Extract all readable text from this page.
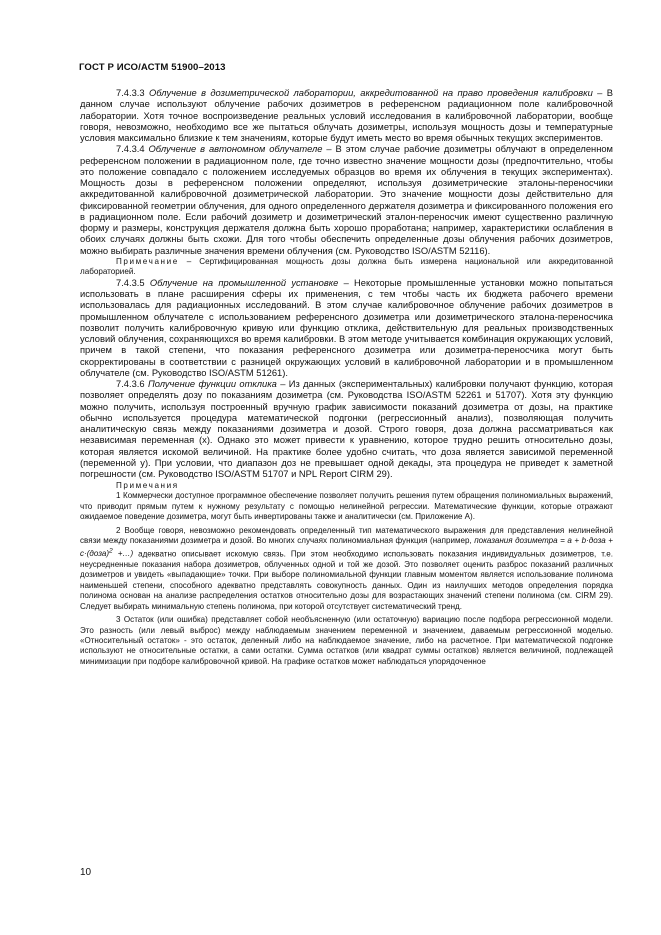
ГОСТ Р ИСО/АСТМ 51900–2013

7.4.3.3 Облучение в дозиметрической лаборатории, аккредитованной на право проведения калибровки – В данном случае используют облучение рабочих дозиметров в референсном радиационном поле калибровочной лаборатории. Хотя точное воспроизведение реальных условий исследования в калибровочной лаборатории, вообще говоря, невозможно, необходимо все же пытаться облучать дозиметры, используя мощность дозы и температурные условия максимально близкие к тем значениям, которые будут иметь место во время обычных текущих экспериментов.

7.4.3.4 Облучение в автономном облучателе – В этом случае рабочие дозиметры облучают в определенном референсном положении в радиационном поле, где точно известно значение мощности дозы (предпочтительно, чтобы это положение совпадало с положением исследуемых образцов во время их облучения в текущих экспериментах). Мощность дозы в референсном положении определяют, используя дозиметрические эталоны-переносчики аккредитованной калибровочной дозиметрической лаборатории. Это значение мощности дозы действительно для фиксированной геометрии облучения, для одного определенного держателя дозиметра и фиксированного положения его в радиационном поле. Если рабочий дозиметр и дозиметрический эталон-переносчик имеют существенно различную форму и размеры, конструкция держателя должна быть хорошо проработана; например, характеристики ослабления в обоих случаях должны быть схожи. Для того чтобы обеспечить определенные дозы облучения рабочих дозиметров, можно выбирать различные значения времени облучения (см. Руководство ISO/ASTM 52116).

Примечание – Сертифицированная мощность дозы должна быть измерена национальной или аккредитованной лабораторией.

7.4.3.5 Облучение на промышленной установке – Некоторые промышленные установки можно попытаться использовать в плане расширения сферы их применения, с тем чтобы часть их бюджета рабочего времени использовалась для радиационных исследований. В этом случае калибровочное облучение рабочих дозиметров в промышленном облучателе с использованием референсного дозиметра или дозиметрического эталона-переносчика позволит получить калибровочную кривую или функцию отклика, действительную для реальных производственных условий облучения, сохраняющихся во время калибровки. В этом методе учитывается комбинация окружающих условий, причем в такой степени, что показания референсного дозиметра или дозиметра-переносчика могут быть скорректированы в соответствии с разницей окружающих условий в калибровочной лаборатории и в промышленном облучателе (см. Руководство ISO/ASTM 51261).

7.4.3.6 Получение функции отклика – Из данных (экспериментальных) калибровки получают функцию, которая позволяет определять дозу по показаниям дозиметра (см. Руководства ISO/ASTM 52261 и 51707). Хотя эту функцию можно получить, используя построенный вручную график зависимости показаний дозиметра от дозы, на практике обычно используется процедура математической подгонки (регрессионный анализ), позволяющая получить аналитическую связь между показаниями дозиметра и дозой. Строго говоря, доза должна рассматриваться как независимая переменная (x). Однако это может привести к уравнению, которое трудно решить относительно дозы, которая является искомой величиной. На практике более удобно считать, что доза является зависимой переменной (переменной y). При условии, что диапазон доз не превышает одной декады, эта процедура не приведет к заметной погрешности (см. Руководство ISO/ASTM 51707 и NPL Report CIRM 29).

Примечания

1 Коммерчески доступное программное обеспечение позволяет получить решения путем обращения полиномиальных выражений, что приводит прямым путем к нужному результату с помощью нелинейной регрессии. Математические функции, которые отражают ожидаемое поведение дозиметра, могут быть инвертированы также и аналитически (см. Приложение А).

2 Вообще говоря, невозможно рекомендовать определенный тип математического выражения для представления нелинейной связи между показаниями дозиметра и дозой. Во многих случаях полиномиальная функция (например, показания дозиметра = a + b·доза + c·(доза)$^2$ +…) адекватно описывает искомую связь. При этом необходимо использовать показания индивидуальных дозиметров, т.е. неусредненные показания набора дозиметров, облученных одной и той же дозой. Это позволяет оценить разброс показаний различных дозиметров и увидеть «выпадающие» точки. При выборе полиномиальной функции главным моментом является использование полинома наименьшей степени, способного адекватно представлять совокупность данных. Один из наилучших методов определения порядка полинома основан на анализе распределения остатков относительно дозы для возрастающих значений степени полинома (см. CIRM 29). Следует выбирать минимальную степень полинома, при которой отсутствует систематический тренд.

3 Остаток (или ошибка) представляет собой необъясненную (или остаточную) вариацию после подбора регрессионной модели. Это разность (или левый выброс) между наблюдаемым значением переменной и значением, даваемым регрессионной моделью. «Относительный остаток» - это остаток, деленный либо на наблюдаемое значение, либо на расчетное. При математической подгонке используют не относительные остатки, а сами остатки. Сумма остатков (или квадрат суммы остатков) является величиной, подлежащей минимизации при подборе калибровочной кривой. На графике остатков может наблюдаться упорядоченное

10
